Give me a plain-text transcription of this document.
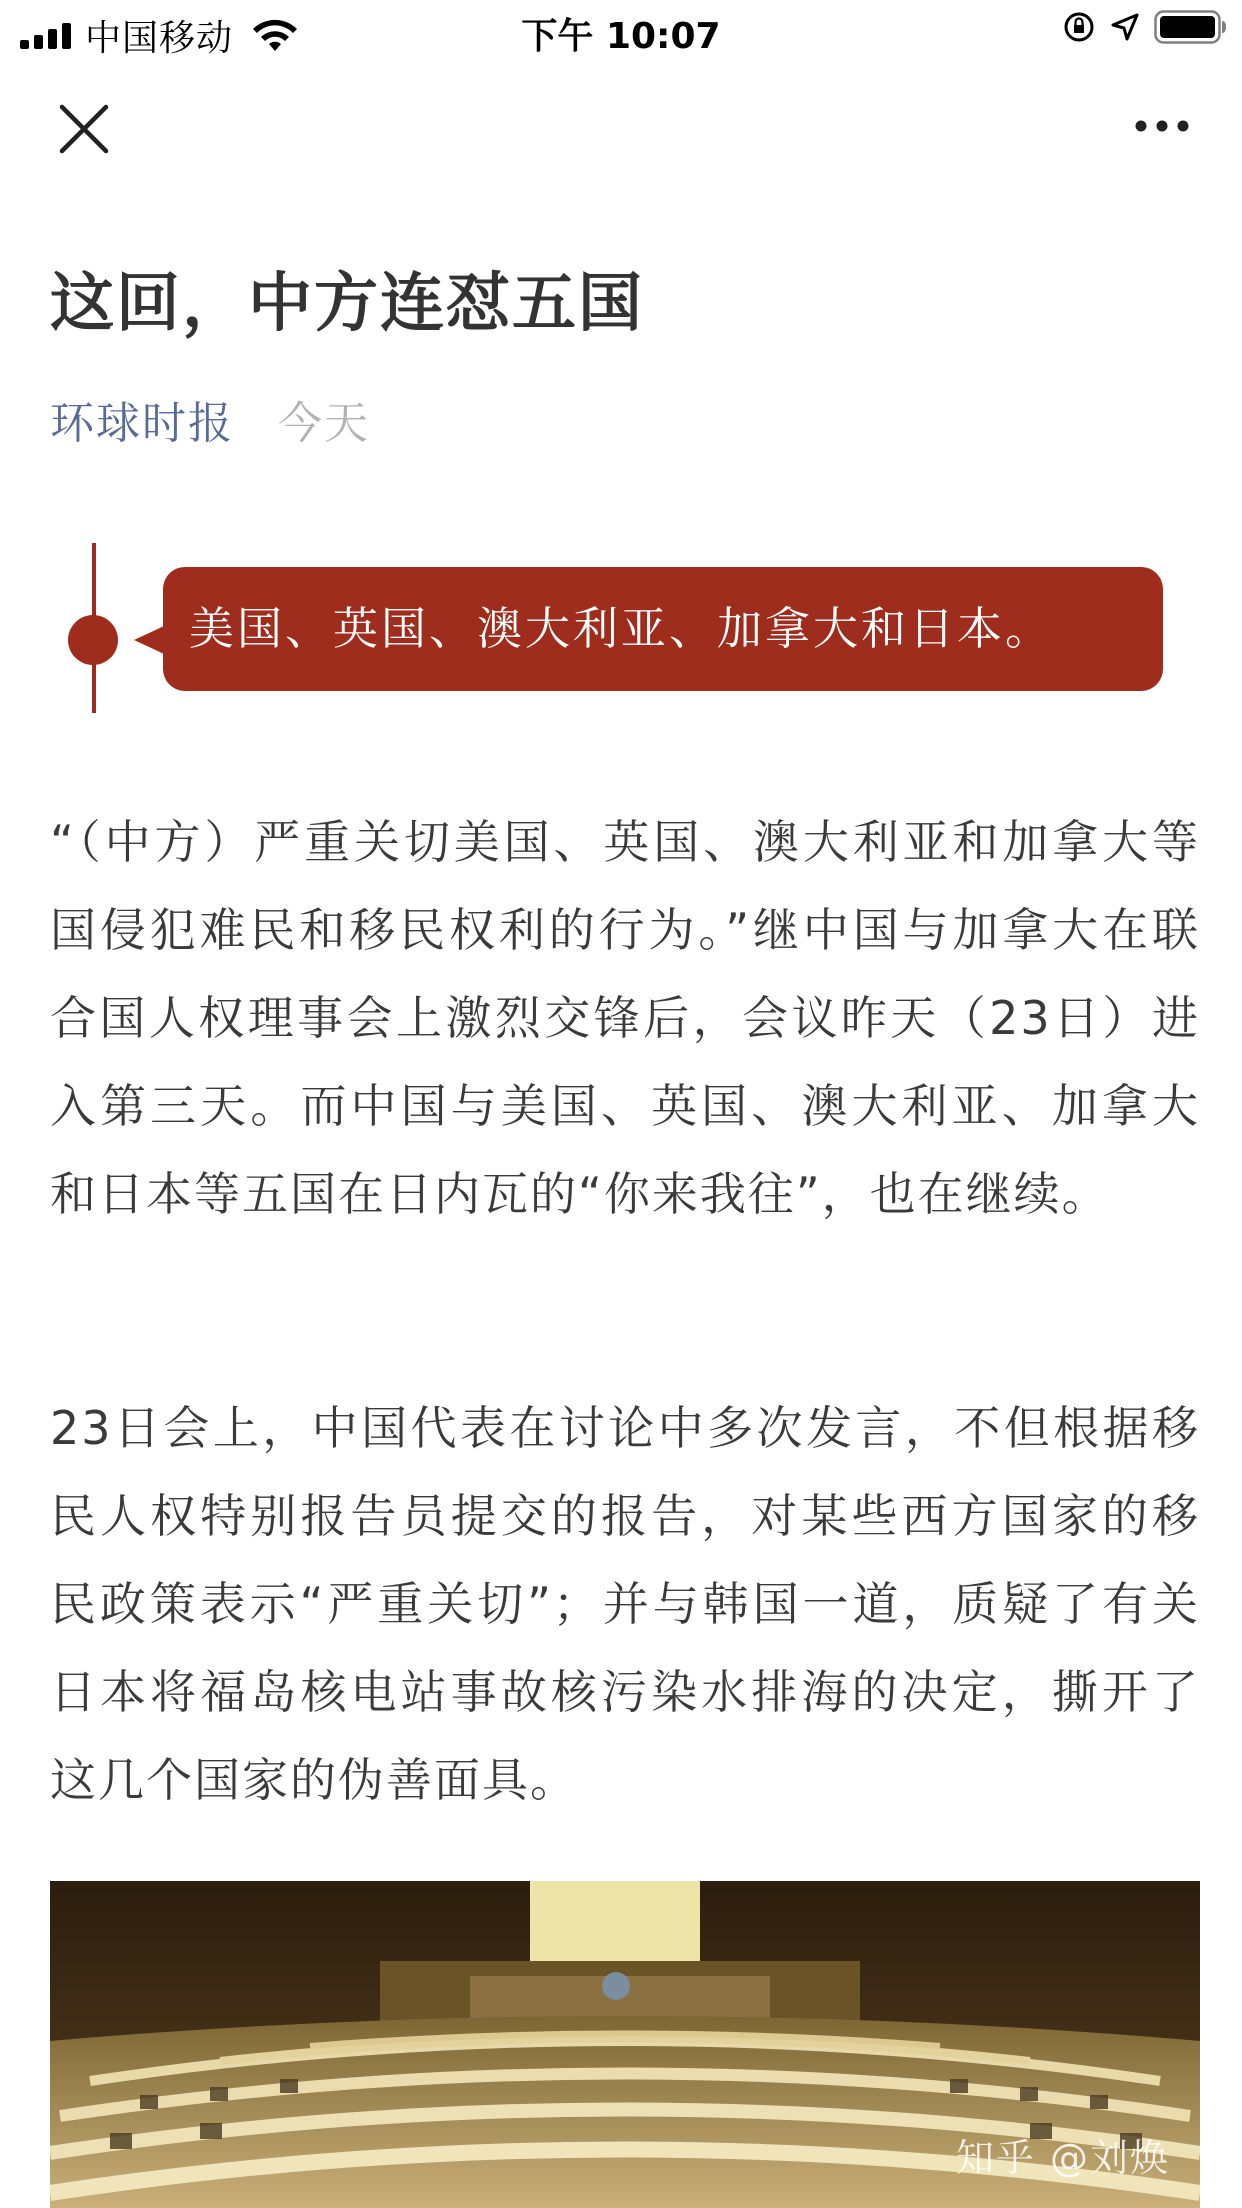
中国移动	下午 10:07
这回，中方连怼五国
环球时报 今天
美国、英国、澳大利亚、加拿大和日本。

“（中方）严重关切美国、英国、澳大利亚和加拿大等国侵犯难民和移民权利的行为。”继中国与加拿大在联合国人权理事会上激烈交锋后，会议昨天（23日）进入第三天。而中国与美国、英国、澳大利亚、加拿大和日本等五国在日内瓦的“你来我往”，也在继续。

23日会上，中国代表在讨论中多次发言，不但根据移民人权特别报告员提交的报告，对某些西方国家的移民政策表示“严重关切”；并与韩国一道，质疑了有关日本将福岛核电站事故核污染水排海的决定，撕开了这几个国家的伪善面具。

知乎 @刘焕
